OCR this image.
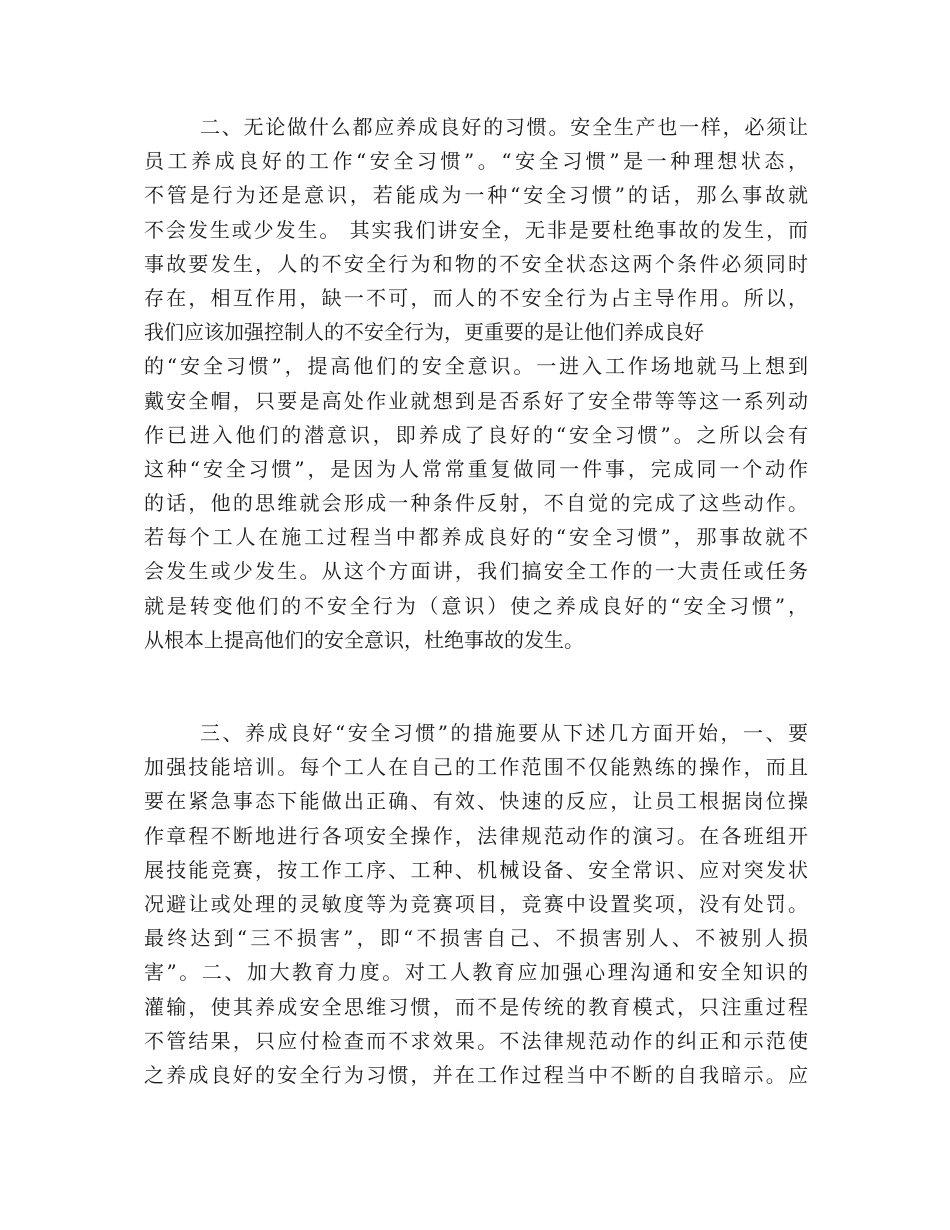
二、无论做什么都应养成良好的习惯。安全生产也一样，必须让
员工养成良好的工作“安全习惯”。“安全习惯”是一种理想状态，
不管是行为还是意识，若能成为一种“安全习惯”的话，那么事故就
不会发生或少发生。 其实我们讲安全，无非是要杜绝事故的发生，而
事故要发生，人的不安全行为和物的不安全状态这两个条件必须同时
存在，相互作用，缺一不可，而人的不安全行为占主导作用。所以，
我们应该加强控制人的不安全行为，更重要的是让他们养成良好
的“安全习惯”，提高他们的安全意识。一进入工作场地就马上想到
戴安全帽，只要是高处作业就想到是否系好了安全带等等这一系列动
作已进入他们的潜意识，即养成了良好的“安全习惯”。之所以会有
这种“安全习惯”，是因为人常常重复做同一件事，完成同一个动作
的话，他的思维就会形成一种条件反射，不自觉的完成了这些动作。
若每个工人在施工过程当中都养成良好的“安全习惯”，那事故就不
会发生或少发生。从这个方面讲，我们搞安全工作的一大责任或任务
就是转变他们的不安全行为（意识）使之养成良好的“安全习惯”，
从根本上提高他们的安全意识，杜绝事故的发生。
三、养成良好“安全习惯”的措施要从下述几方面开始，一、要
加强技能培训。每个工人在自己的工作范围不仅能熟练的操作，而且
要在紧急事态下能做出正确、有效、快速的反应，让员工根据岗位操
作章程不断地进行各项安全操作，法律规范动作的演习。在各班组开
展技能竞赛，按工作工序、工种、机械设备、安全常识、应对突发状
况避让或处理的灵敏度等为竞赛项目，竞赛中设置奖项，没有处罚。
最终达到“三不损害”，即“不损害自己、不损害别人、不被别人损
害”。二、加大教育力度。对工人教育应加强心理沟通和安全知识的
灌输，使其养成安全思维习惯，而不是传统的教育模式，只注重过程
不管结果，只应付检查而不求效果。不法律规范动作的纠正和示范使
之养成良好的安全行为习惯，并在工作过程当中不断的自我暗示。应
